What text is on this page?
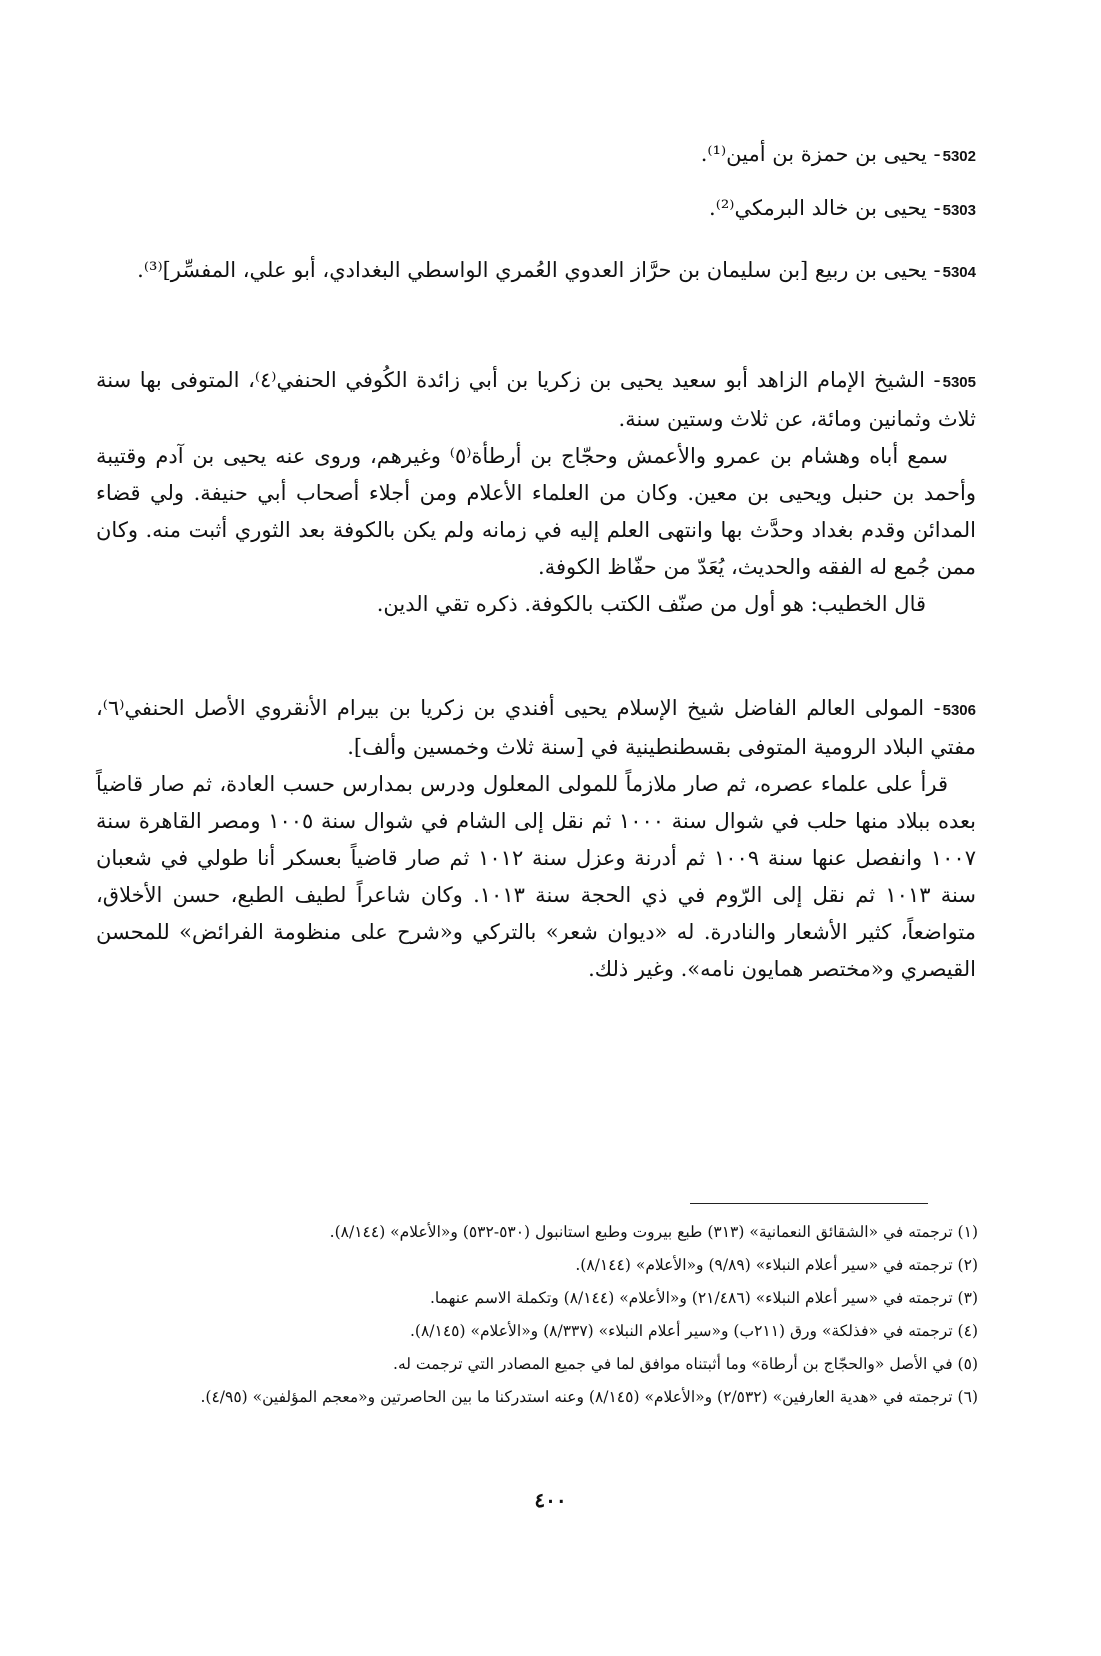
5302- يحيى بن حمزة بن أمين⁽¹⁾.

5303- يحيى بن خالد البرمكي⁽²⁾.

5304- يحيى بن ربيع [بن سليمان بن حرَّاز العدوي العُمري الواسطي البغدادي، أبو علي، المفسِّر]⁽³⁾.

5305- الشيخ الإمام الزاهد أبو سعيد يحيى بن زكريا بن أبي زائدة الكُوفي الحنفي⁽٤⁾، المتوفى بها سنة ثلاث وثمانين ومائة، عن ثلاث وستين سنة.

سمع أباه وهشام بن عمرو والأعمش وحجّاج بن أرطأة⁽٥⁾ وغيرهم، وروى عنه يحيى بن آدم وقتيبة وأحمد بن حنبل ويحيى بن معين. وكان من العلماء الأعلام ومن أجلاء أصحاب أبي حنيفة. ولي قضاء المدائن وقدم بغداد وحدَّث بها وانتهى العلم إليه في زمانه ولم يكن بالكوفة بعد الثوري أثبت منه. وكان ممن جُمع له الفقه والحديث، يُعَدّ من حفّاظ الكوفة.

قال الخطيب: هو أول من صنّف الكتب بالكوفة. ذكره تقي الدين.

5306- المولى العالم الفاضل شيخ الإسلام يحيى أفندي بن زكريا بن بيرام الأنقروي الأصل الحنفي⁽٦⁾، مفتي البلاد الرومية المتوفى بقسطنطينية في [سنة ثلاث وخمسين وألف].

قرأ على علماء عصره، ثم صار ملازماً للمولى المعلول ودرس بمدارس حسب العادة، ثم صار قاضياً بعده ببلاد منها حلب في شوال سنة ١٠٠٠ ثم نقل إلى الشام في شوال سنة ١٠٠٥ ومصر القاهرة سنة ١٠٠٧ وانفصل عنها سنة ١٠٠٩ ثم أدرنة وعزل سنة ١٠١٢ ثم صار قاضياً بعسكر أنا طولي في شعبان سنة ١٠١٣ ثم نقل إلى الرّوم في ذي الحجة سنة ١٠١٣. وكان شاعراً لطيف الطبع، حسن الأخلاق، متواضعاً، كثير الأشعار والنادرة. له «ديوان شعر» بالتركي و«شرح على منظومة الفرائض» للمحسن القيصري و«مختصر همايون نامه». وغير ذلك.

(١) ترجمته في «الشقائق النعمانية» (٣١٣) طبع بيروت وطبع استانبول (٥٣٠-٥٣٢) و«الأعلام» (٨/١٤٤).

(٢) ترجمته في «سير أعلام النبلاء» (٩/٨٩) و«الأعلام» (٨/١٤٤).

(٣) ترجمته في «سير أعلام النبلاء» (٢١/٤٨٦) و«الأعلام» (٨/١٤٤) وتكملة الاسم عنهما.

(٤) ترجمته في «فذلكة» ورق (٢١١ب) و«سير أعلام النبلاء» (٨/٣٣٧) و«الأعلام» (٨/١٤٥).

(٥) في الأصل «والحجّاج بن أرطاة» وما أثبتناه موافق لما في جميع المصادر التي ترجمت له.

(٦) ترجمته في «هدية العارفين» (٢/٥٣٢) و«الأعلام» (٨/١٤٥) وعنه استدركنا ما بين الحاصرتين و«معجم المؤلفين» (٤/٩٥).

٤٠٠
